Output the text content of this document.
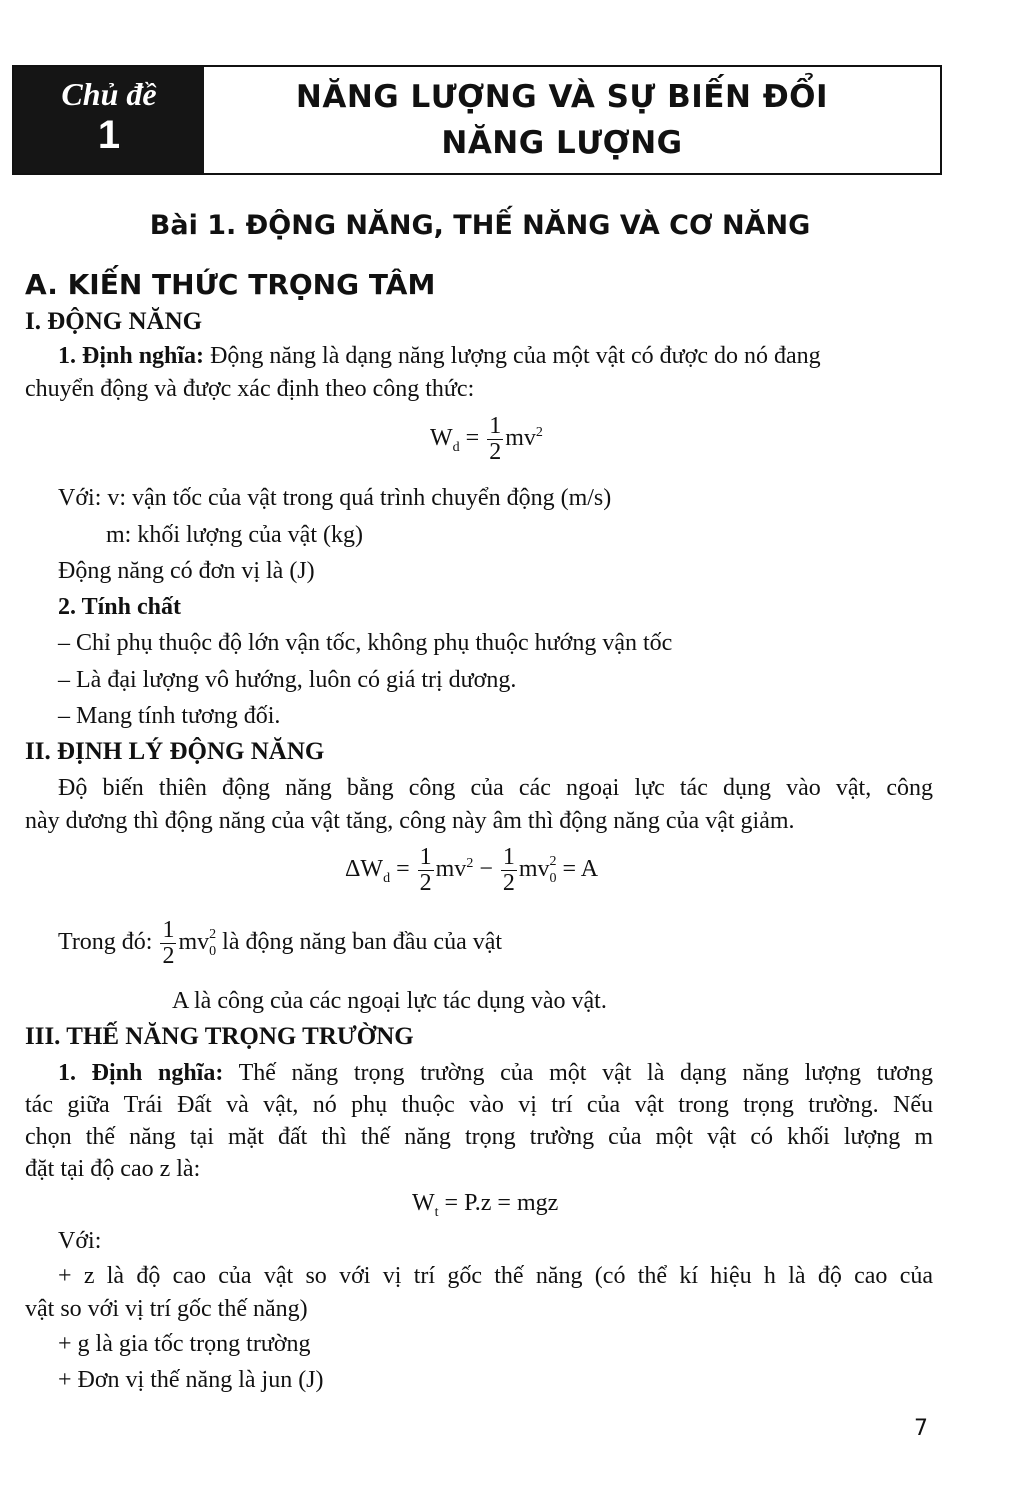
Chủ đề
1
NĂNG LƯỢNG VÀ SỰ BIẾN ĐỔI
NĂNG LƯỢNG
Bài 1. ĐỘNG NĂNG, THẾ NĂNG VÀ CƠ NĂNG
A. KIẾN THỨC TRỌNG TÂM
I. ĐỘNG NĂNG
1. Định nghĩa: Động năng là dạng năng lượng của một vật có được do nó đang
chuyển động và được xác định theo công thức:
$W_d = \frac{1}{2} mv^2$
Với: v: vận tốc của vật trong quá trình chuyển động (m/s)
m: khối lượng của vật (kg)
Động năng có đơn vị là (J)
2. Tính chất
– Chỉ phụ thuộc độ lớn vận tốc, không phụ thuộc hướng vận tốc
– Là đại lượng vô hướng, luôn có giá trị dương.
– Mang tính tương đối.
II. ĐỊNH LÝ ĐỘNG NĂNG
Độ biến thiên động năng bằng công của các ngoại lực tác dụng vào vật, công
này dương thì động năng của vật tăng, công này âm thì động năng của vật giảm.
$\Delta W_d = \frac{1}{2} mv^2 - \frac{1}{2}$ mv 2
0 = A
Trong đó: $\frac{1}{2}$ mv 2
0 là động năng ban đầu của vật
A là công của các ngoại lực tác dụng vào vật.
III. THẾ NĂNG TRỌNG TRƯỜNG
1. Định nghĩa: Thế năng trọng trường của một vật là dạng năng lượng tương
tác giữa Trái Đất và vật, nó phụ thuộc vào vị trí của vật trong trọng trường. Nếu
chọn thế năng tại mặt đất thì thế năng trọng trường của một vật có khối lượng m
đặt tại độ cao z là:
$W_t = P.z$ = mgz
Với:
+ z là độ cao của vật so với vị trí gốc thế năng (có thể kí hiệu h là độ cao của
vật so với vị trí gốc thế năng)
+ g là gia tốc trọng trường
+ Đơn vị thế năng là jun (J)
7
